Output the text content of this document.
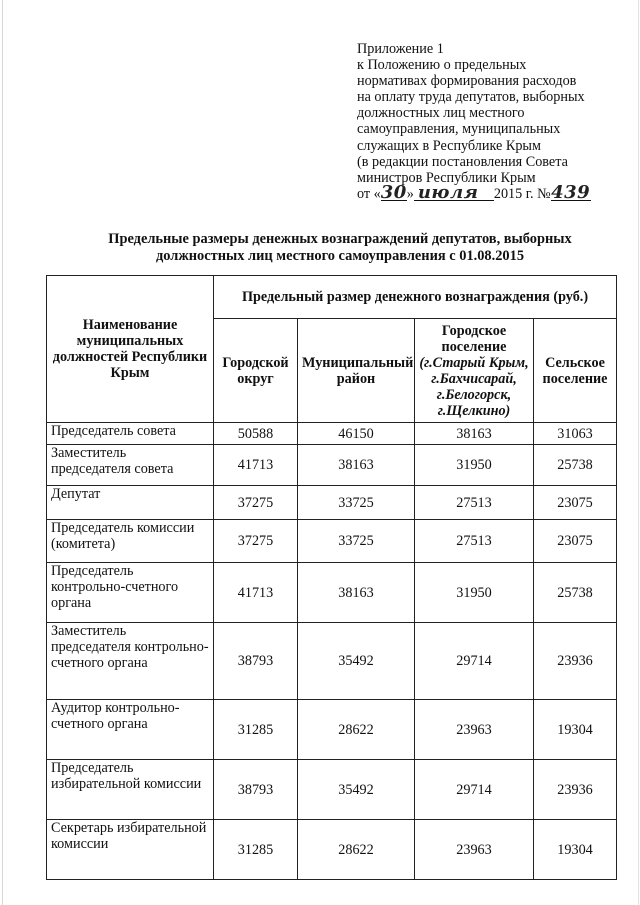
Приложение 1
к Положению о предельных
нормативах формирования расходов
на оплату труда депутатов, выборных
должностных лиц местного
самоуправления, муниципальных
служащих в Республике Крым
(в редакции постановления Совета
министров Республики Крым
от «30» июля 2015 г. №439
Предельные размеры денежных вознаграждений депутатов, выборных
должностных лиц местного самоуправления с 01.08.2015
Наименование муниципальных должностей Республики Крым	Предельный размер денежного вознаграждения (руб.)			
	Городской округ	Муниципальный район	Городское поселение
(г.Старый Крым, г.Бахчисарай, г.Белогорск, г.Щелкино)	Сельское поселение
Председатель совета	50588	46150	38163	31063
Заместитель председателя совета	41713	38163	31950	25738
Депутат	37275	33725	27513	23075
Председатель комиссии (комитета)	37275	33725	27513	23075
Председатель контрольно-счетного органа	41713	38163	31950	25738
Заместитель председателя контрольно-счетного органа	38793	35492	29714	23936
Аудитор контрольно-счетного органа	31285	28622	23963	19304
Председатель избирательной комиссии	38793	35492	29714	23936
Секретарь избирательной комиссии	31285	28622	23963	19304
